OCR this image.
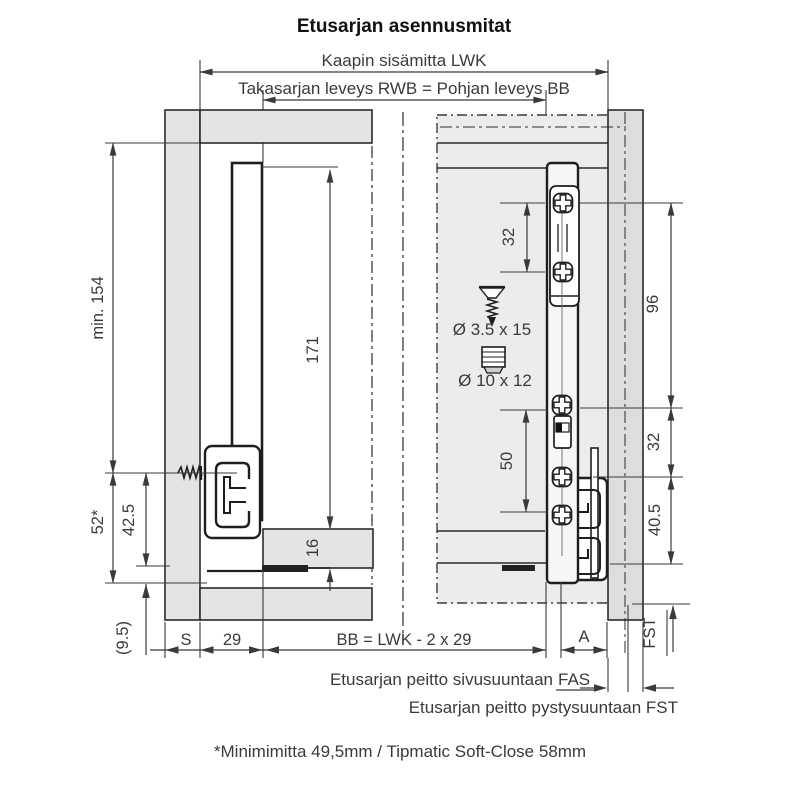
Etusarjan asennusmitat
Kaapin sisämitta LWK
Takasarjan leveys RWB = Pohjan leveys BB
min. 154
52* 42.5
(9.5)
171
16
Ø 3.5 x 15
Ø 10 x 12
32
96
50
32
40.5
FST
S 29	BB = LWK - 2 x 29	A
Etusarjan peitto sivusuuntaan FAS
Etusarjan peitto pystysuuntaan FST
*Minimimitta 49,5mm / Tipmatic Soft-Close 58mm
